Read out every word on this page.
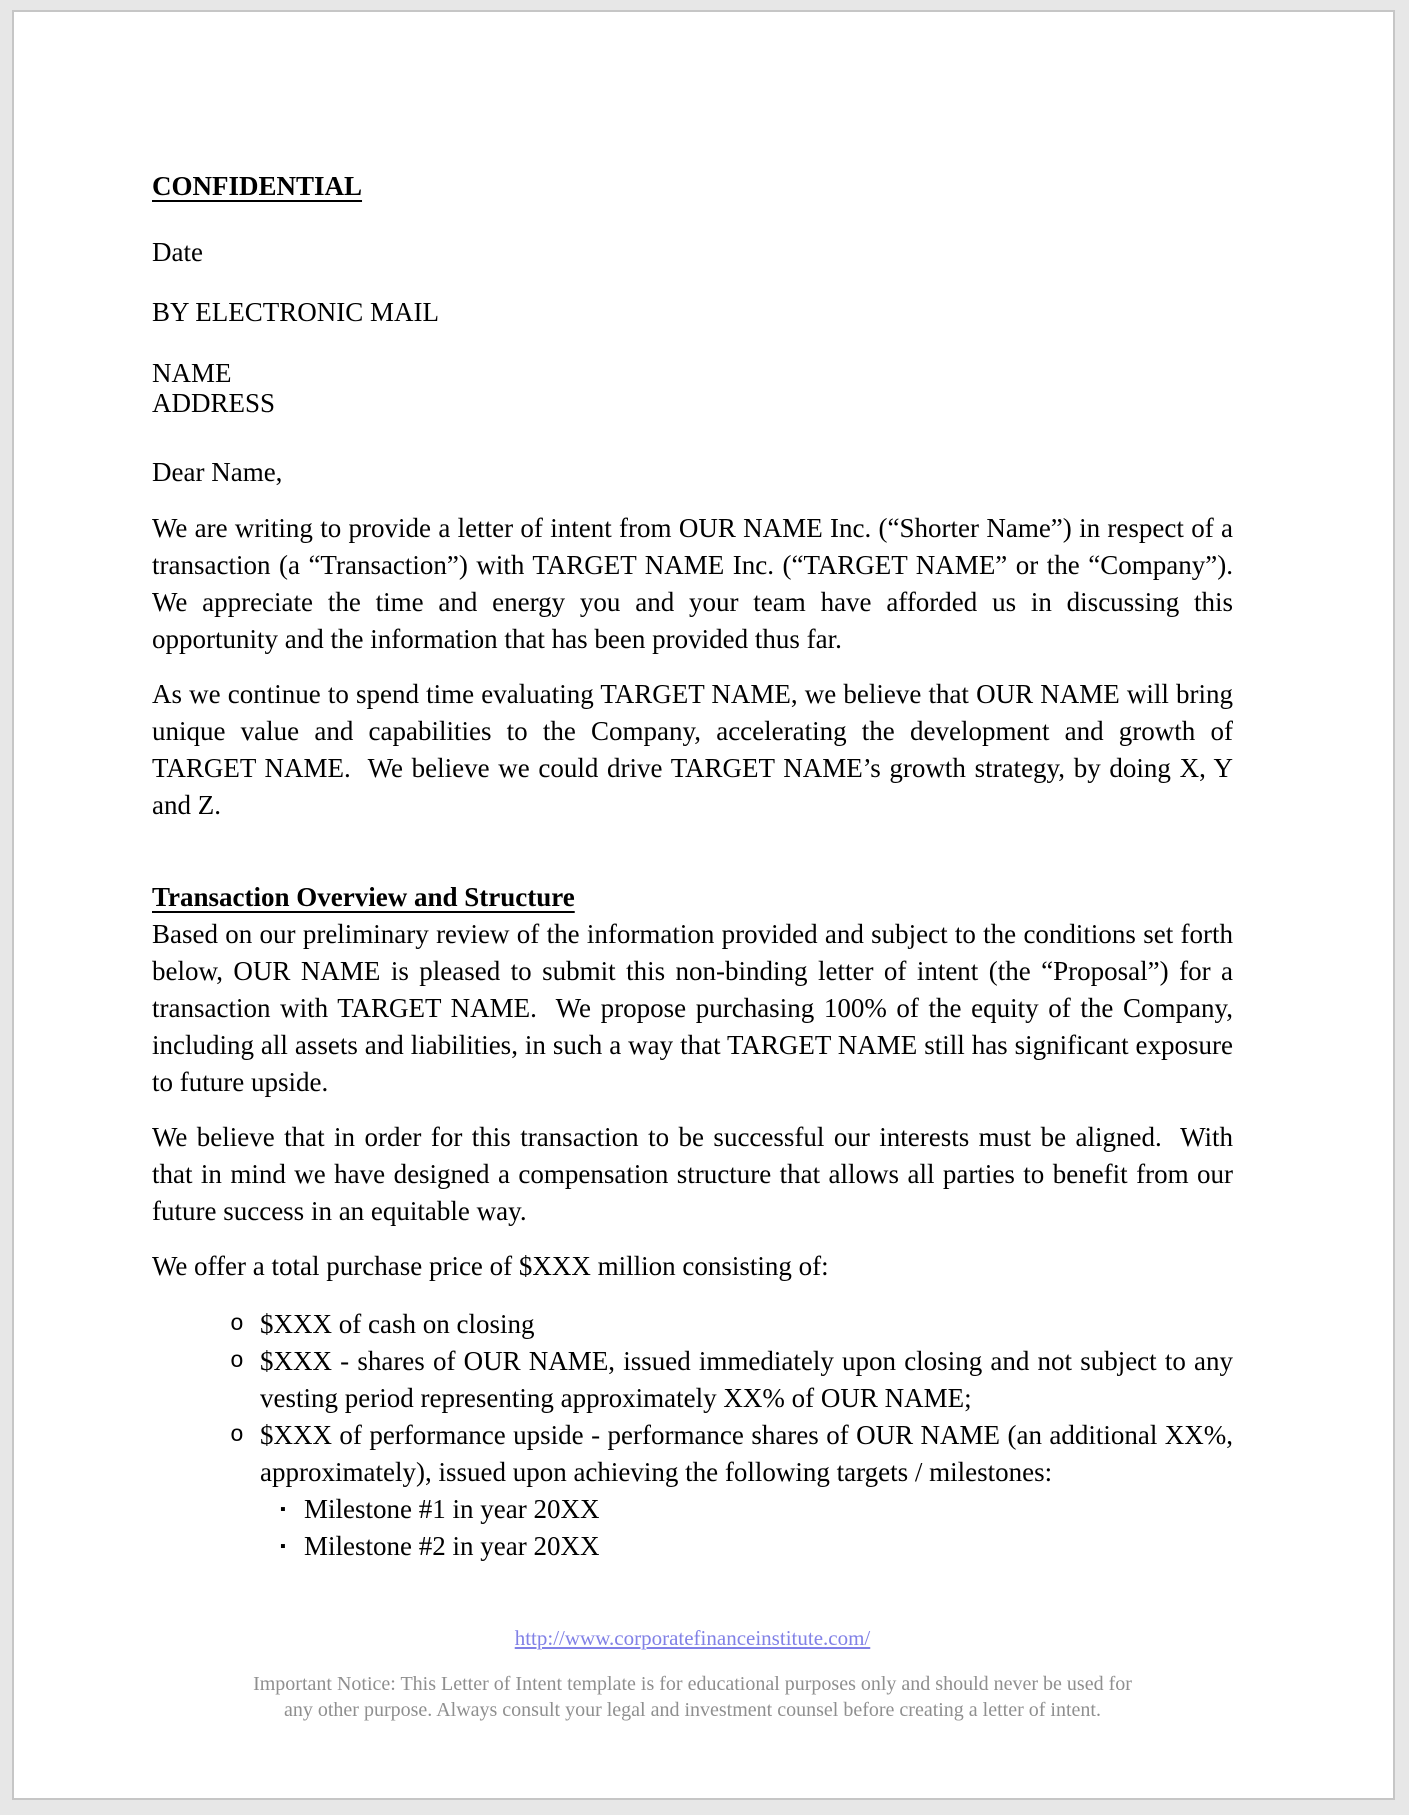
CONFIDENTIAL

Date

BY ELECTRONIC MAIL

NAME

ADDRESS

Dear Name,

We are writing to provide a letter of intent from OUR NAME Inc. (“Shorter Name”) in respect of a transaction (a “Transaction”) with TARGET NAME Inc. (“TARGET NAME” or the “Company”).  We appreciate the time and energy you and your team have afforded us in discussing this opportunity and the information that has been provided thus far.

As we continue to spend time evaluating TARGET NAME, we believe that OUR NAME will bring unique value and capabilities to the Company, accelerating the development and growth of TARGET NAME.  We believe we could drive TARGET NAME’s growth strategy, by doing X, Y and Z.

Transaction Overview and Structure

Based on our preliminary review of the information provided and subject to the conditions set forth below, OUR NAME is pleased to submit this non-binding letter of intent (the “Proposal”) for a transaction with TARGET NAME.  We propose purchasing 100% of the equity of the Company, including all assets and liabilities, in such a way that TARGET NAME still has significant exposure to future upside.

We believe that in order for this transaction to be successful our interests must be aligned.  With that in mind we have designed a compensation structure that allows all parties to benefit from our future success in an equitable way.

We offer a total purchase price of $XXX million consisting of:

o $XXX of cash on closing
o $XXX - shares of OUR NAME, issued immediately upon closing and not subject to any vesting period representing approximately XX% of OUR NAME;
o $XXX of performance upside - performance shares of OUR NAME (an additional XX%, approximately), issued upon achieving the following targets / milestones:
▪ Milestone #1 in year 20XX
▪ Milestone #2 in year 20XX
http://www.corporatefinanceinstitute.com/

Important Notice: This Letter of Intent template is for educational purposes only and should never be used for any other purpose. Always consult your legal and investment counsel before creating a letter of intent.
